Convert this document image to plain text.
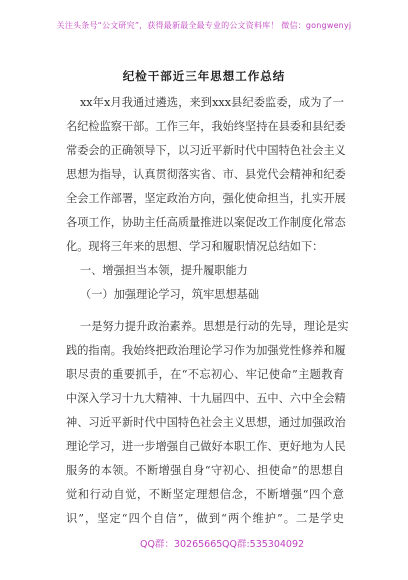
关注头条号“公文研究”，获得最新最全最专业的公文资料库！ 微信：gongwenyj
纪检干部近三年思想工作总结
xx年x月我通过遴选，来到xxx县纪委监委，成为了一
名纪检监察干部。工作三年，我始终坚持在县委和县纪委
常委会的正确领导下，以习近平新时代中国特色社会主义
思想为指导，认真贯彻落实省、市、县党代会精神和纪委
全会工作部署，坚定政治方向，强化使命担当，扎实开展
各项工作，协助主任高质量推进以案促改工作制度化常态
化。现将三年来的思想、学习和履职情况总结如下：
一、增强担当本领，提升履职能力
（一）加强理论学习，筑牢思想基础
一是努力提升政治素养。思想是行动的先导，理论是实
践的指南。我始终把政治理论学习作为加强党性修养和履
职尽责的重要抓手，在“不忘初心、牢记使命”主题教育
中深入学习十九大精神、十九届四中、五中、六中全会精
神、习近平新时代中国特色社会主义思想，通过加强政治
理论学习，进一步增强自己做好本职工作、更好地为人民
服务的本领。不断增强自身“守初心、担使命”的思想自
觉和行动自觉，不断坚定理想信念，不断增强“四个意
识”，坚定“四个自信”，做到“两个维护”。二是学史
QQ群：30265665 QQ群:535304092
